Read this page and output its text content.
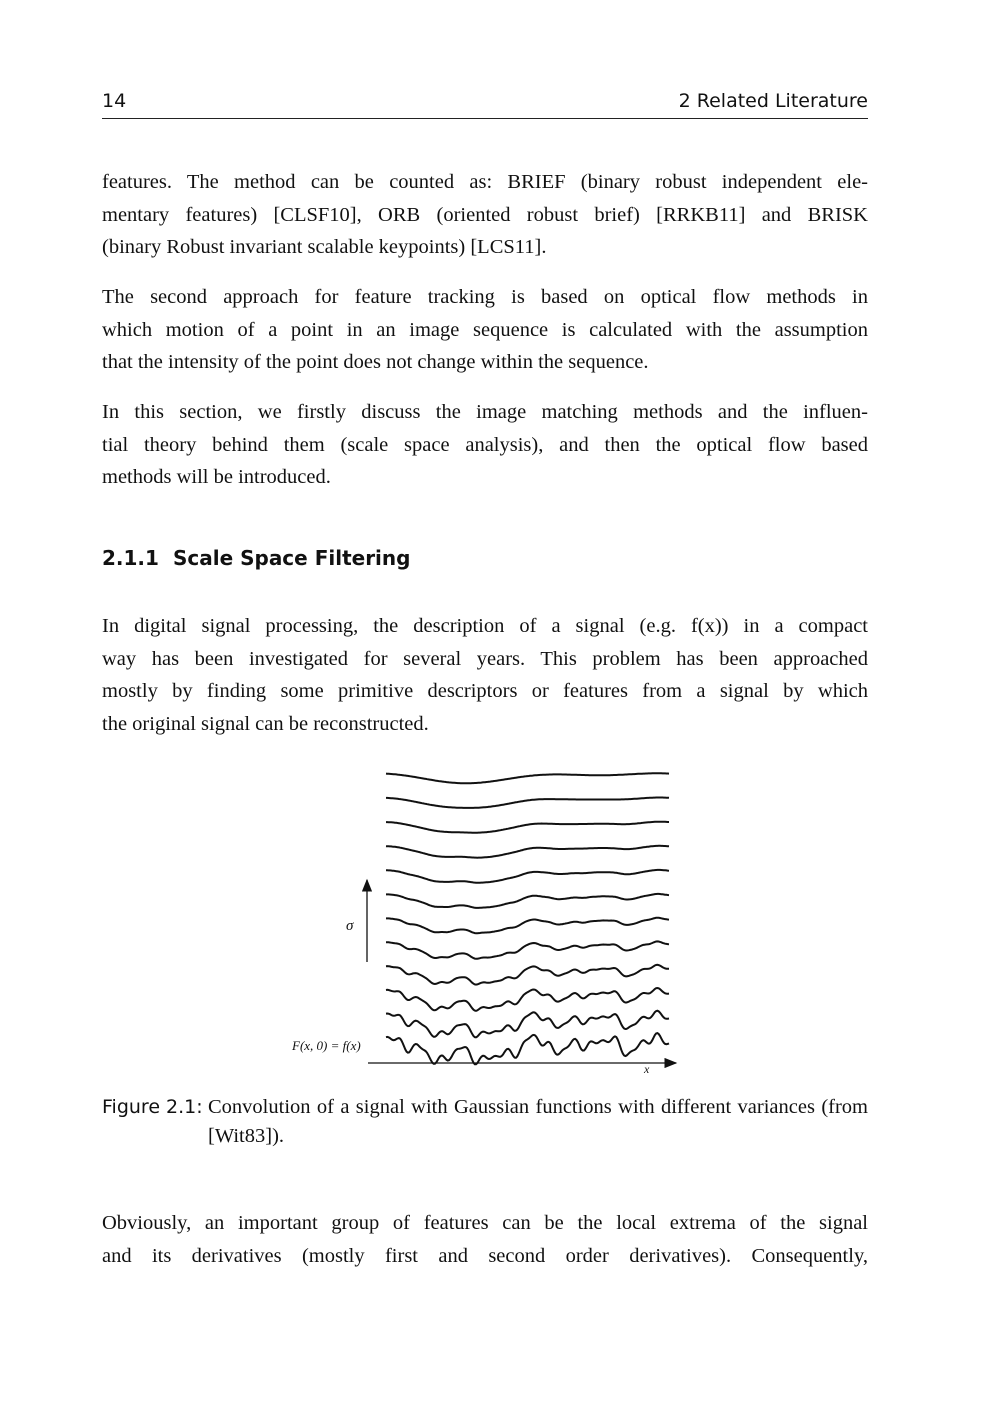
14	2 Related Literature

features. The method can be counted as: BRIEF (binary robust independent ele-
mentary features) [CLSF10], ORB (oriented robust brief) [RRKB11] and BRISK
(binary Robust invariant scalable keypoints) [LCS11].

The second approach for feature tracking is based on optical flow methods in
which motion of a point in an image sequence is calculated with the assumption
that the intensity of the point does not change within the sequence.

In this section, we firstly discuss the image matching methods and the influen-
tial theory behind them (scale space analysis), and then the optical flow based
methods will be introduced.

2.1.1 Scale Space Filtering

In digital signal processing, the description of a signal (e.g. f(x)) in a compact
way has been investigated for several years. This problem has been approached
mostly by finding some primitive descriptors or features from a signal by which
the original signal can be reconstructed.

F(x, 0) = f(x)
σ
x
Figure 2.1: Convolution of a signal with Gaussian functions with different variances (from [Wit83]).

Obviously, an important group of features can be the local extrema of the signal
and its derivatives (mostly first and second order derivatives). Consequently,
